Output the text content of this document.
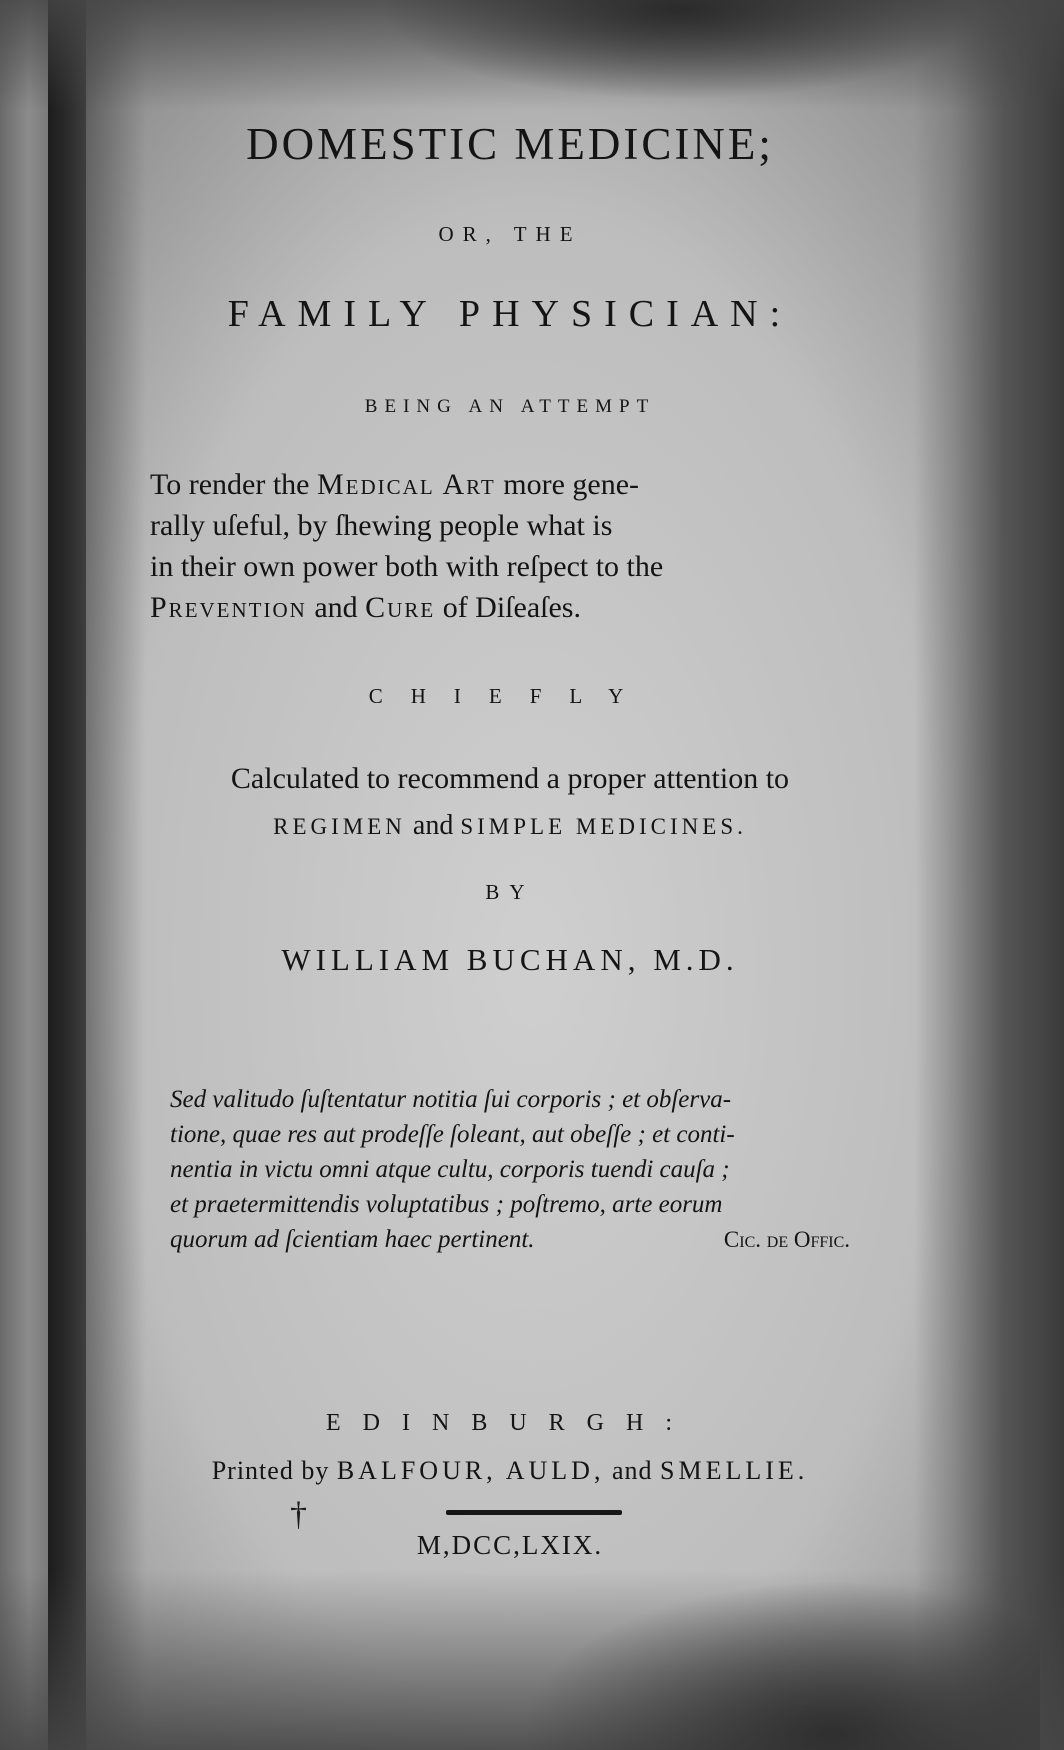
DOMESTIC MEDICINE;

OR, THE

FAMILY PHYSICIAN:

BEING AN ATTEMPT

To render the Medical Art more gene-
rally uſeful, by ſhewing people what is
in their own power both with reſpect to the
Prevention and Cure of Diſeaſes.

CHIEFLY

Calculated to recommend a proper attention to

REGIMEN and SIMPLE MEDICINES.

BY

WILLIAM BUCHAN, M.D.

Sed valitudo ſuſtentatur notitia ſui corporis ; et obſerva-
tione, quae res aut prodeſſe ſoleant, aut obeſſe ; et conti-
nentia in victu omni atque cultu, corporis tuendi cauſa ;
et praetermittendis voluptatibus ; poſtremo, arte eorum
quorum ad ſcientiam haec pertinent.	Cic. de Offic.

EDINBURGH:

Printed by BALFOUR, AULD, and SMELLIE.

†

M,DCC,LXIX.
